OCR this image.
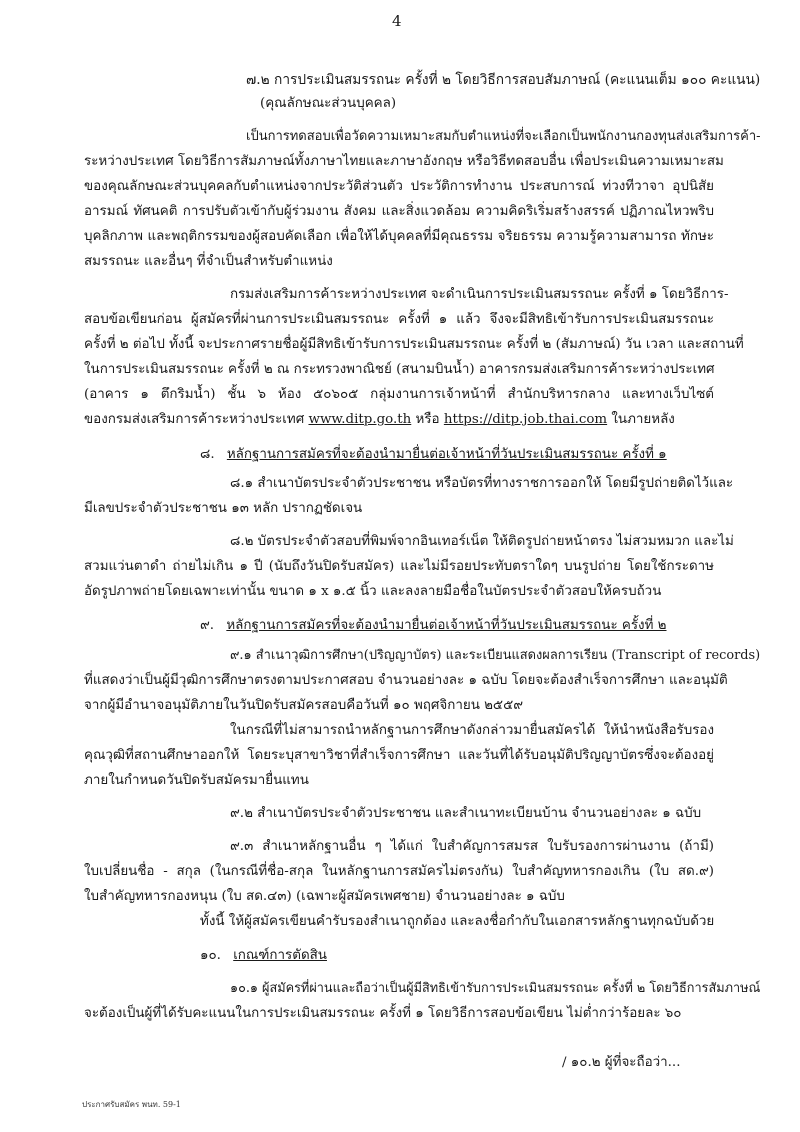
4
๗.๒ การประเมินสมรรถนะ ครั้งที่ ๒ โดยวิธีการสอบสัมภาษณ์ (คะแนนเต็ม ๑๐๐ คะแนน)
(คุณลักษณะส่วนบุคคล)
เป็นการทดสอบเพื่อวัดความเหมาะสมกับตำแหน่งที่จะเลือกเป็นพนักงานกองทุนส่งเสริมการค้า-
ระหว่างประเทศ โดยวิธีการสัมภาษณ์ทั้งภาษาไทยและภาษาอังกฤษ หรือวิธีทดสอบอื่น เพื่อประเมินความเหมาะสม
ของคุณลักษณะส่วนบุคคลกับตำแหน่งจากประวัติส่วนตัว ประวัติการทำงาน ประสบการณ์ ท่วงทีวาจา อุปนิสัย
อารมณ์ ทัศนคติ การปรับตัวเข้ากับผู้ร่วมงาน สังคม และสิ่งแวดล้อม ความคิดริเริ่มสร้างสรรค์ ปฏิภาณไหวพริบ
บุคลิกภาพ และพฤติกรรมของผู้สอบคัดเลือก เพื่อให้ได้บุคคลที่มีคุณธรรม จริยธรรม ความรู้ความสามารถ ทักษะ
สมรรถนะ และอื่นๆ ที่จำเป็นสำหรับตำแหน่ง
กรมส่งเสริมการค้าระหว่างประเทศ จะดำเนินการประเมินสมรรถนะ ครั้งที่ ๑ โดยวิธีการ-
สอบข้อเขียนก่อน ผู้สมัครที่ผ่านการประเมินสมรรถนะ ครั้งที่ ๑ แล้ว จึงจะมีสิทธิเข้ารับการประเมินสมรรถนะ
ครั้งที่ ๒ ต่อไป ทั้งนี้ จะประกาศรายชื่อผู้มีสิทธิเข้ารับการประเมินสมรรถนะ ครั้งที่ ๒ (สัมภาษณ์) วัน เวลา และสถานที่
ในการประเมินสมรรถนะ ครั้งที่ ๒ ณ กระทรวงพาณิชย์ (สนามบินน้ำ) อาคารกรมส่งเสริมการค้าระหว่างประเทศ
(อาคาร ๑ ตึกริมน้ำ) ชั้น ๖ ห้อง ๕๐๖๐๕ กลุ่มงานการเจ้าหน้าที่ สำนักบริหารกลาง และทางเว็บไซต์
ของกรมส่งเสริมการค้าระหว่างประเทศ www.ditp.go.th หรือ https://ditp.job.thai.com ในภายหลัง
๘. หลักฐานการสมัครที่จะต้องนำมายื่นต่อเจ้าหน้าที่วันประเมินสมรรถนะ ครั้งที่ ๑
๘.๑ สำเนาบัตรประจำตัวประชาชน หรือบัตรที่ทางราชการออกให้ โดยมีรูปถ่ายติดไว้และ
มีเลขประจำตัวประชาชน ๑๓ หลัก ปรากฏชัดเจน
๘.๒ บัตรประจำตัวสอบที่พิมพ์จากอินเทอร์เน็ต ให้ติดรูปถ่ายหน้าตรง ไม่สวมหมวก และไม่
สวมแว่นตาดำ ถ่ายไม่เกิน ๑ ปี (นับถึงวันปิดรับสมัคร) และไม่มีรอยประทับตราใดๆ บนรูปถ่าย โดยใช้กระดาษ
อัดรูปภาพถ่ายโดยเฉพาะเท่านั้น ขนาด ๑ x ๑.๕ นิ้ว และลงลายมือชื่อในบัตรประจำตัวสอบให้ครบถ้วน
๙. หลักฐานการสมัครที่จะต้องนำมายื่นต่อเจ้าหน้าที่วันประเมินสมรรถนะ ครั้งที่ ๒
๙.๑ สำเนาวุฒิการศึกษา(ปริญญาบัตร) และระเบียนแสดงผลการเรียน (Transcript of records)
ที่แสดงว่าเป็นผู้มีวุฒิการศึกษาตรงตามประกาศสอบ จำนวนอย่างละ ๑ ฉบับ โดยจะต้องสำเร็จการศึกษา และอนุมัติ
จากผู้มีอำนาจอนุมัติภายในวันปิดรับสมัครสอบคือวันที่ ๑๐ พฤศจิกายน ๒๕๕๙
ในกรณีที่ไม่สามารถนำหลักฐานการศึกษาดังกล่าวมายื่นสมัครได้ ให้นำหนังสือรับรอง
คุณวุฒิที่สถานศึกษาออกให้ โดยระบุสาขาวิชาที่สำเร็จการศึกษา และวันที่ได้รับอนุมัติปริญญาบัตรซึ่งจะต้องอยู่
ภายในกำหนดวันปิดรับสมัครมายื่นแทน
๙.๒ สำเนาบัตรประจำตัวประชาชน และสำเนาทะเบียนบ้าน จำนวนอย่างละ ๑ ฉบับ
๙.๓ สำเนาหลักฐานอื่น ๆ ได้แก่ ใบสำคัญการสมรส ใบรับรองการผ่านงาน (ถ้ามี)
ใบเปลี่ยนชื่อ - สกุล (ในกรณีที่ชื่อ-สกุล ในหลักฐานการสมัครไม่ตรงกัน) ใบสำคัญทหารกองเกิน (ใบ สด.๙)
ใบสำคัญทหารกองหนุน (ใบ สด.๔๓) (เฉพาะผู้สมัครเพศชาย) จำนวนอย่างละ ๑ ฉบับ
ทั้งนี้ ให้ผู้สมัครเขียนคำรับรองสำเนาถูกต้อง และลงชื่อกำกับในเอกสารหลักฐานทุกฉบับด้วย
๑๐. เกณฑ์การตัดสิน
๑๐.๑ ผู้สมัครที่ผ่านและถือว่าเป็นผู้มีสิทธิเข้ารับการประเมินสมรรถนะ ครั้งที่ ๒ โดยวิธีการสัมภาษณ์
จะต้องเป็นผู้ที่ได้รับคะแนนในการประเมินสมรรถนะ ครั้งที่ ๑ โดยวิธีการสอบข้อเขียน ไม่ต่ำกว่าร้อยละ ๖๐
/ ๑๐.๒ ผู้ที่จะถือว่า...
ประกาศรับสมัคร พนท. 59-1
